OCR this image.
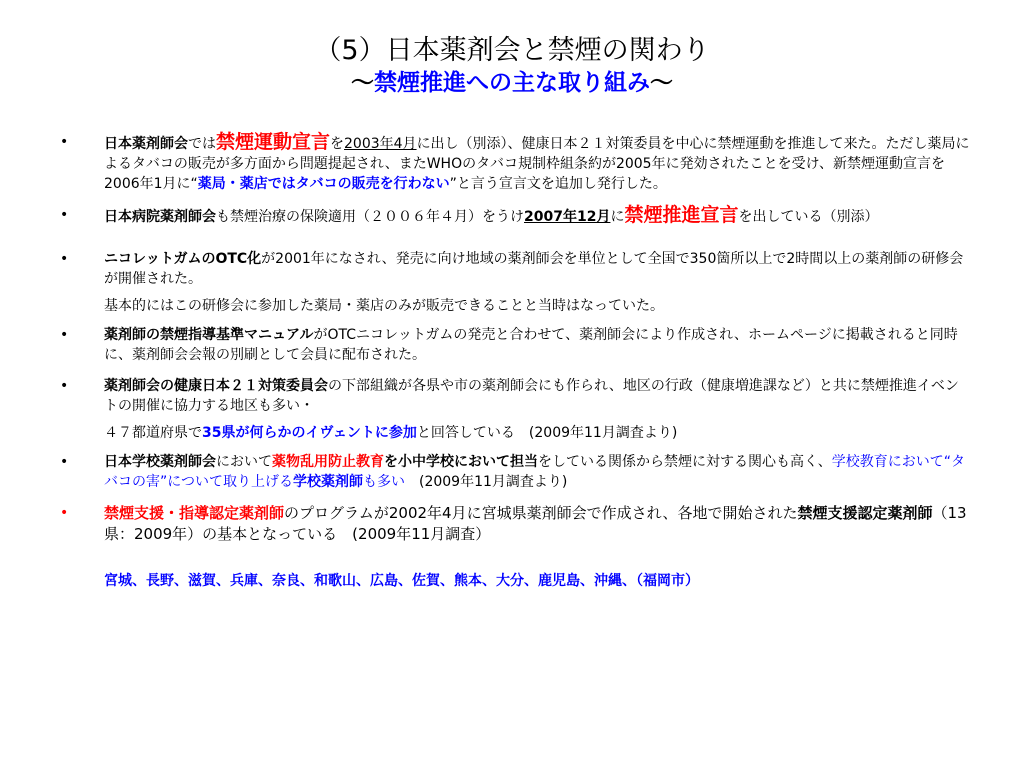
（5）日本薬剤会と禁煙の関わり

～禁煙推進への主な取り組み～

•	日本薬剤師会では禁煙運動宣言を2003年4月に出し（別添）、健康日本２１対策委員を中心に禁煙運動を推進して来た。ただし薬局によるタバコの販売が多方面から問題提起され、またWHOのタバコ規制枠組条約が2005年に発効されたことを受け、新禁煙運動宣言を2006年1月に“薬局・薬店ではタバコの販売を行わない”と言う宣言文を追加し発行した。
•	日本病院薬剤師会も禁煙治療の保険適用（２００６年４月）をうけ2007年12月に禁煙推進宣言を出している（別添）
•	ニコレットガムのOTC化が2001年になされ、発売に向け地域の薬剤師会を単位として全国で350箇所以上で2時間以上の薬剤師の研修会が開催された。
基本的にはこの研修会に参加した薬局・薬店のみが販売できることと当時はなっていた。
•	薬剤師の禁煙指導基準マニュアルがOTCニコレットガムの発売と合わせて、薬剤師会により作成され、ホームページに掲載されると同時に、薬剤師会会報の別刷として会員に配布された。
•	薬剤師会の健康日本２１対策委員会の下部組織が各県や市の薬剤師会にも作られ、地区の行政（健康増進課など）と共に禁煙推進イベントの開催に協力する地区も多い・
４７都道府県で35県が何らかのイヴェントに参加と回答している　(2009年11月調査より)
•	日本学校薬剤師会において薬物乱用防止教育を小中学校において担当をしている関係から禁煙に対する関心も高く、学校教育において“タバコの害”について取り上げる学校薬剤師も多い　(2009年11月調査より)
• 禁煙支援・指導認定薬剤師のプログラムが2002年4月に宮城県薬剤師会で作成され、各地で開始された禁煙支援認定薬剤師（13県：2009年）の基本となっている　(2009年11月調査）
宮城、長野、滋賀、兵庫、奈良、和歌山、広島、佐賀、熊本、大分、鹿児島、沖縄、（福岡市）
